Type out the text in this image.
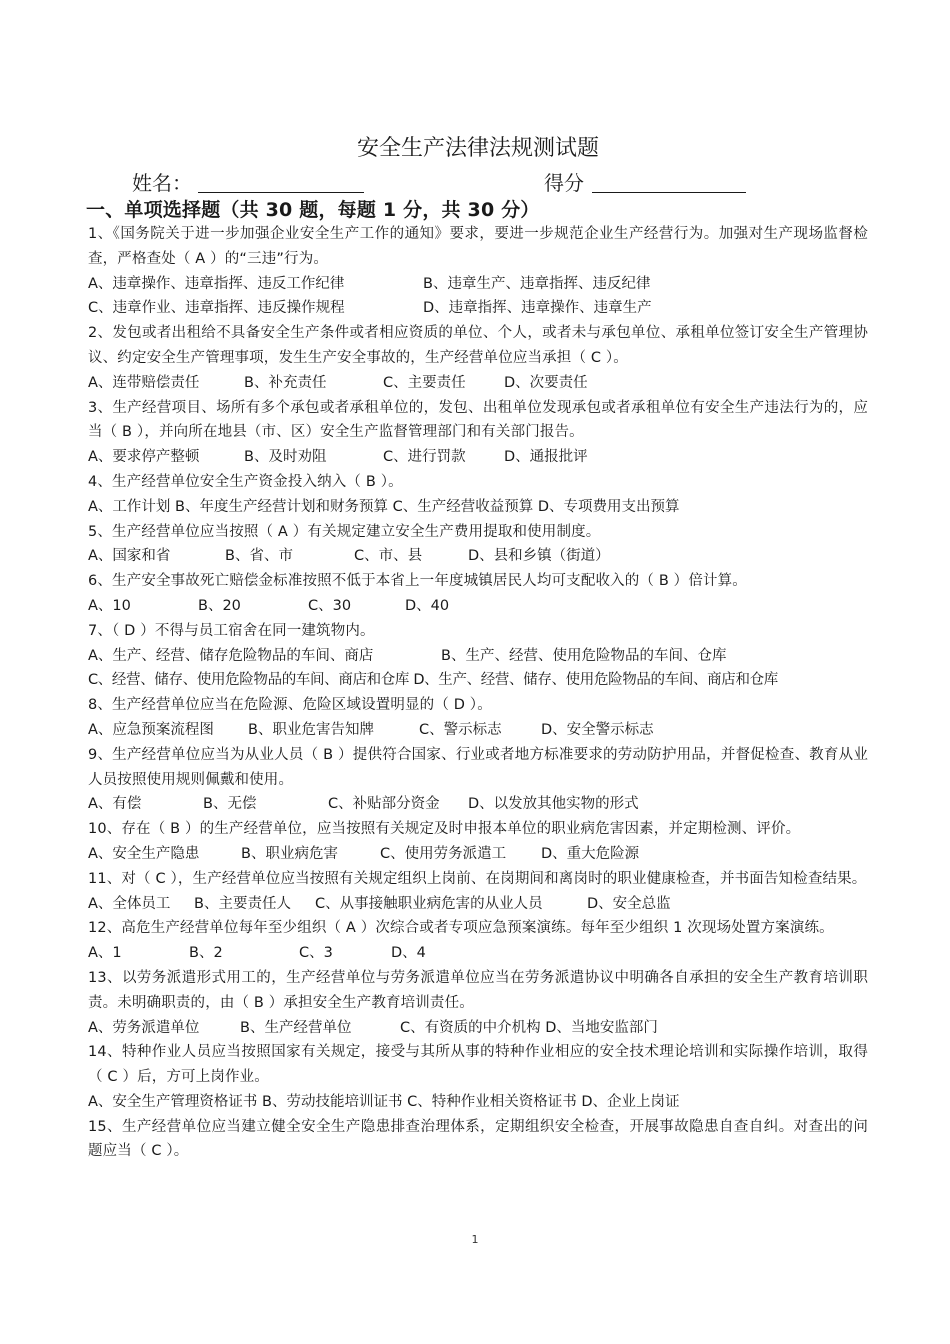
安全生产法律法规测试题
姓名：	得分
一、单项选择题（共 30 题，每题 1 分，共 30 分）
1、《国务院关于进一步加强企业安全生产工作的通知》要求，要进一步规范企业生产经营行为。加强对生产现场监督检查，严格查处（ A ）的“三违”行为。
A、违章操作、违章指挥、违反工作纪律	B、违章生产、违章指挥、违反纪律
C、违章作业、违章指挥、违反操作规程	D、违章指挥、违章操作、违章生产
2、发包或者出租给不具备安全生产条件或者相应资质的单位、个人，或者未与承包单位、承租单位签订安全生产管理协议、约定安全生产管理事项，发生生产安全事故的，生产经营单位应当承担（ C ）。
A、连带赔偿责任	B、补充责任	C、主要责任	D、次要责任
3、生产经营项目、场所有多个承包或者承租单位的，发包、出租单位发现承包或者承租单位有安全生产违法行为的，应当（ B ），并向所在地县（市、区）安全生产监督管理部门和有关部门报告。
A、要求停产整顿	B、及时劝阻	C、进行罚款	D、通报批评
4、生产经营单位安全生产资金投入纳入（ B ）。
A、工作计划 B、年度生产经营计划和财务预算 C、生产经营收益预算 D、专项费用支出预算
5、生产经营单位应当按照（ A ）有关规定建立安全生产费用提取和使用制度。
A、国家和省	B、省、市	C、市、县	D、县和乡镇（街道）
6、生产安全事故死亡赔偿金标准按照不低于本省上一年度城镇居民人均可支配收入的（ B ）倍计算。
A、10	B、20	C、30	D、40
7、（ D ）不得与员工宿舍在同一建筑物内。
A、生产、经营、储存危险物品的车间、商店	B、生产、经营、使用危险物品的车间、仓库
C、经营、储存、使用危险物品的车间、商店和仓库 D、生产、经营、储存、使用危险物品的车间、商店和仓库
8、生产经营单位应当在危险源、危险区域设置明显的（ D ）。
A、应急预案流程图 B、职业危害告知牌	C、警示标志	D、安全警示标志
9、生产经营单位应当为从业人员（ B ）提供符合国家、行业或者地方标准要求的劳动防护用品，并督促检查、教育从业人员按照使用规则佩戴和使用。
A、有偿	B、无偿	C、补贴部分资金 D、以发放其他实物的形式
10、存在（ B ）的生产经营单位，应当按照有关规定及时申报本单位的职业病危害因素，并定期检测、评价。
A、安全生产隐患	B、职业病危害	C、使用劳务派遣工 D、重大危险源
11、对（ C ），生产经营单位应当按照有关规定组织上岗前、在岗期间和离岗时的职业健康检查，并书面告知检查结果。
A、全体员工 B、主要责任人 C、从事接触职业病危害的从业人员	D、安全总监
12、高危生产经营单位每年至少组织（ A ）次综合或者专项应急预案演练。每年至少组织 1 次现场处置方案演练。
A、1	B、2	C、3	D、4
13、以劳务派遣形式用工的，生产经营单位与劳务派遣单位应当在劳务派遣协议中明确各自承担的安全生产教育培训职责。未明确职责的，由（ B ）承担安全生产教育培训责任。
A、劳务派遣单位	B、生产经营单位	C、有资质的中介机构 D、当地安监部门
14、特种作业人员应当按照国家有关规定，接受与其所从事的特种作业相应的安全技术理论培训和实际操作培训，取得（ C ）后，方可上岗作业。
A、安全生产管理资格证书 B、劳动技能培训证书 C、特种作业相关资格证书 D、企业上岗证
15、生产经营单位应当建立健全安全生产隐患排查治理体系，定期组织安全检查，开展事故隐患自查自纠。对查出的问题应当（ C ）。
1
